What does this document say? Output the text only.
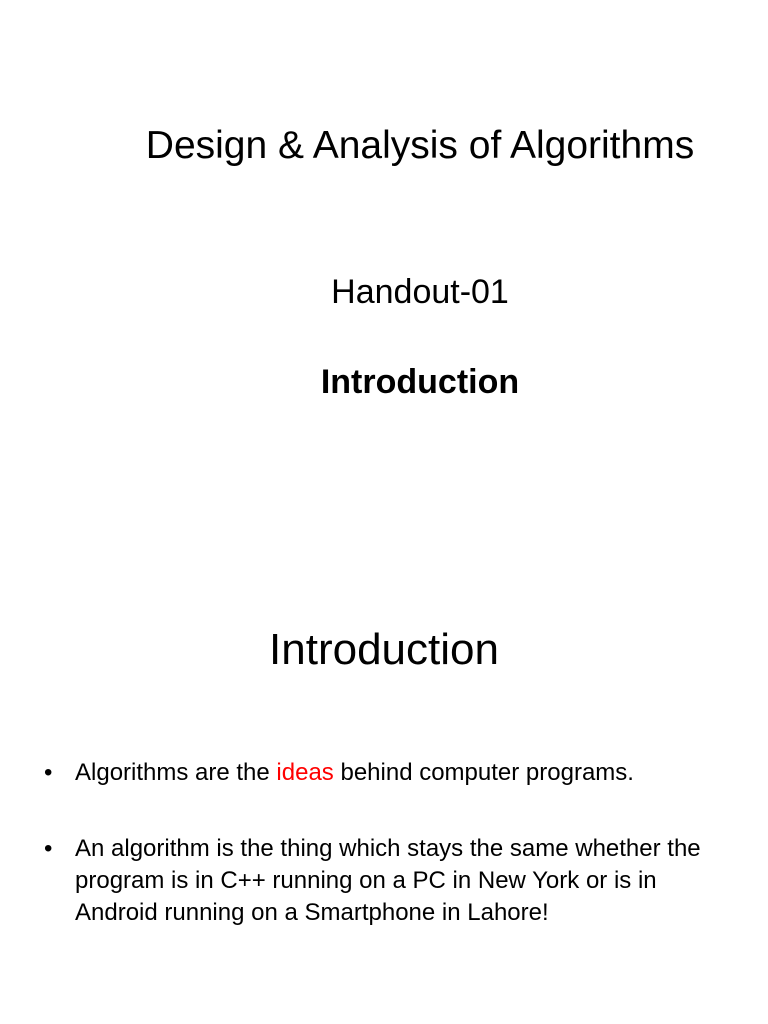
Design & Analysis of Algorithms
Handout-01
Introduction
Introduction
• Algorithms are the ideas behind computer programs.
• An algorithm is the thing which stays the same whether the program is in C++ running on a PC in New York or is in Android running on a Smartphone in Lahore!
